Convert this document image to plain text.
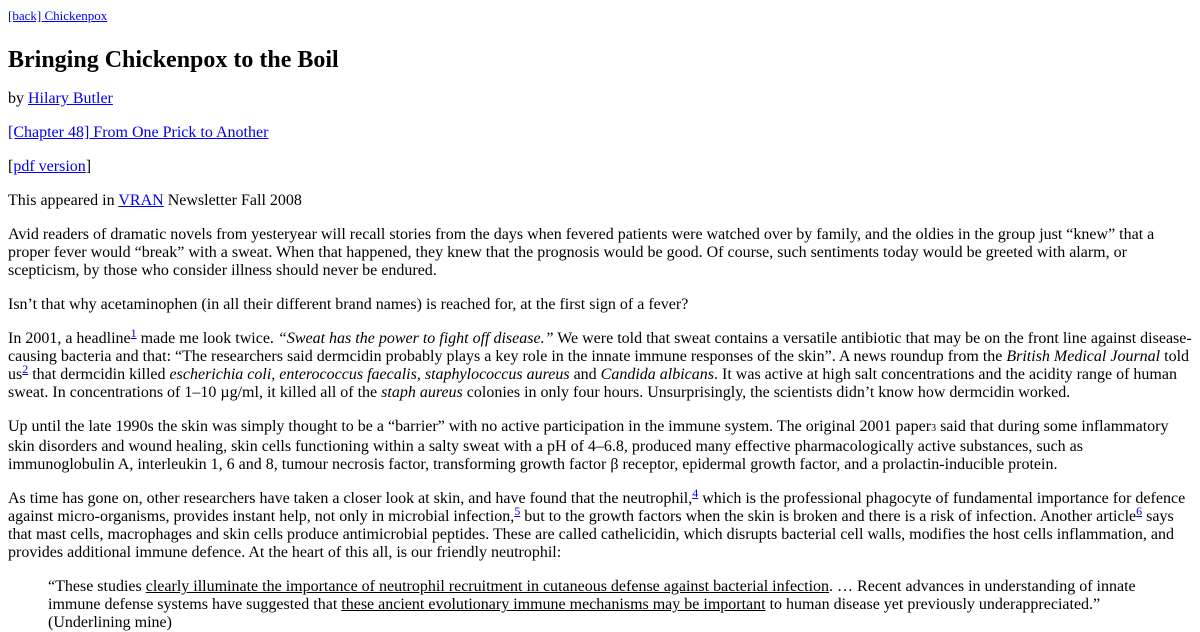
[back] Chickenpox
Bringing Chickenpox to the Boil

by Hilary Butler

[Chapter 48] From One Prick to Another

[pdf version]

This appeared in VRAN Newsletter Fall 2008

Avid readers of dramatic novels from yesteryear will recall stories from the days when fevered patients were watched over by family, and the oldies in the group just “knew” that a proper fever would “break” with a sweat. When that happened, they knew that the prognosis would be good. Of course, such sentiments today would be greeted with alarm, or scepticism, by those who consider illness should never be endured.

Isn’t that why acetaminophen (in all their different brand names) is reached for, at the first sign of a fever?

In 2001, a headline$^1$ made me look twice. “Sweat has the power to fight off disease.” We were told that sweat contains a versatile antibiotic that may be on the front line against disease-causing bacteria and that: “The researchers said dermcidin probably plays a key role in the innate immune responses of the skin”. A news roundup from the British Medical Journal told us$^2$ that dermcidin killed escherichia coli, enterococcus faecalis, staphylococcus aureus and Candida albicans. It was active at high salt concentrations and the acidity range of human sweat. In concentrations of 1–10 µg/ml, it killed all of the staph aureus colonies in only four hours. Unsurprisingly, the scientists didn’t know how dermcidin worked.

Up until the late 1990s the skin was simply thought to be a “barrier” with no active participation in the immune system. The original 2001 paper3 said that during some inflammatory skin disorders and wound healing, skin cells functioning within a salty sweat with a pH of 4–6.8, produced many effective pharmacologically active substances, such as immunoglobulin A, interleukin 1, 6 and 8, tumour necrosis factor, transforming growth factor β receptor, epidermal growth factor, and a prolactin-inducible protein.

As time has gone on, other researchers have taken a closer look at skin, and have found that the neutrophil,$^4$ which is the professional phagocyte of fundamental importance for defence against micro-organisms, provides instant help, not only in microbial infection,$^5$ but to the growth factors when the skin is broken and there is a risk of infection. Another article$^6$ says that mast cells, macrophages and skin cells produce antimicrobial peptides. These are called cathelicidin, which disrupts bacterial cell walls, modifies the host cells inflammation, and provides additional immune defence. At the heart of this all, is our friendly neutrophil:

“These studies clearly illuminate the importance of neutrophil recruitment in cutaneous defense against bacterial infection. … Recent advances in understanding of innate immune defense systems have suggested that these ancient evolutionary immune mechanisms may be important to human disease yet previously underappreciated.” (Underlining mine)
